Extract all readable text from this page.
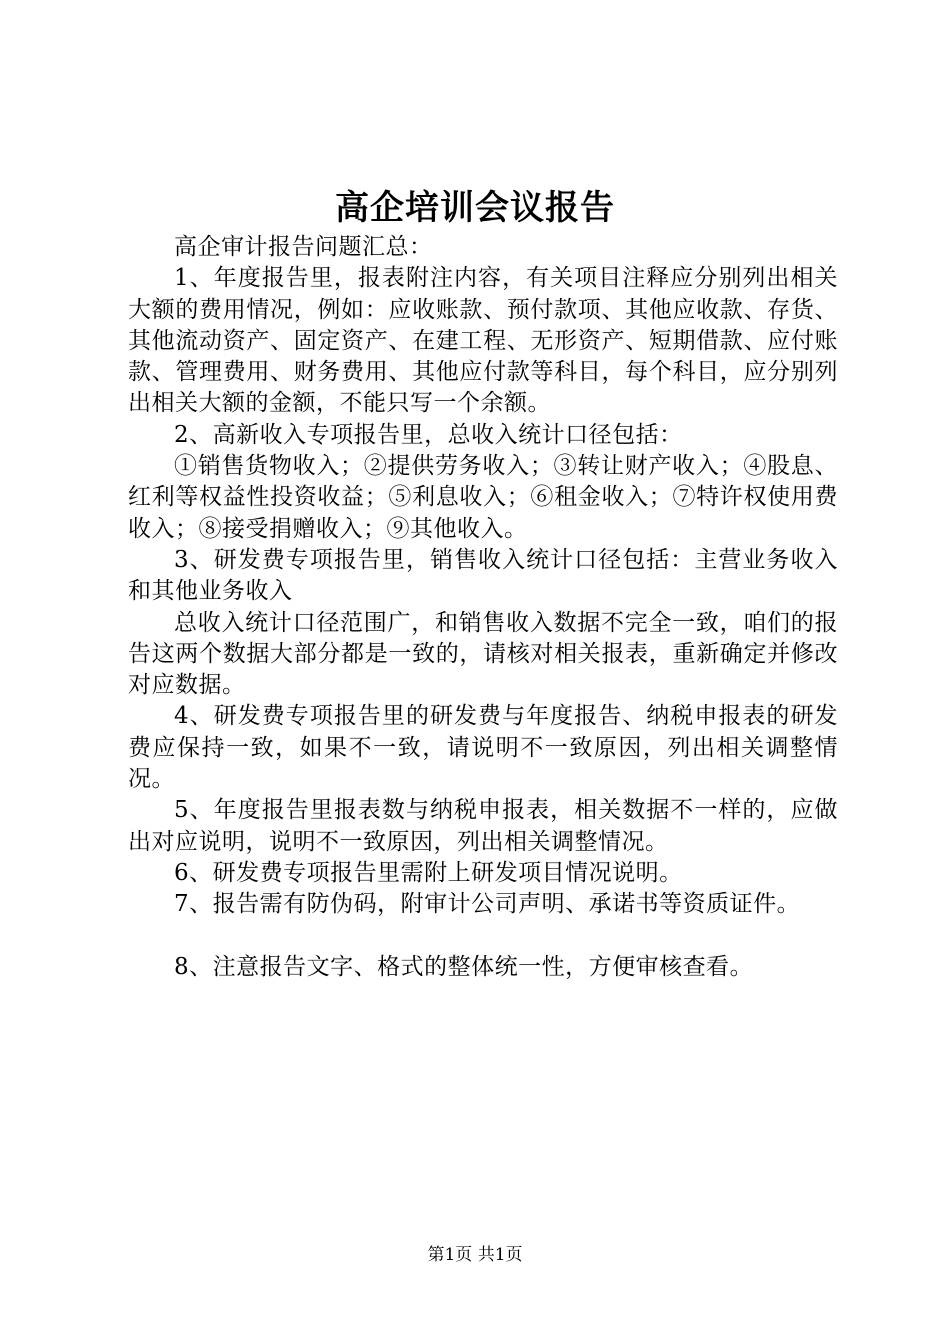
高企培训会议报告

高企审计报告问题汇总：

1、年度报告里，报表附注内容，有关项目注释应分别列出相关大额的费用情况，例如：应收账款、预付款项、其他应收款、存货、其他流动资产、固定资产、在建工程、无形资产、短期借款、应付账款、管理费用、财务费用、其他应付款等科目，每个科目，应分别列出相关大额的金额，不能只写一个余额。

2、高新收入专项报告里，总收入统计口径包括：

①销售货物收入；②提供劳务收入；③转让财产收入；④股息、红利等权益性投资收益；⑤利息收入；⑥租金收入；⑦特许权使用费收入；⑧接受捐赠收入；⑨其他收入。

3、研发费专项报告里，销售收入统计口径包括：主营业务收入和其他业务收入

总收入统计口径范围广，和销售收入数据不完全一致，咱们的报告这两个数据大部分都是一致的，请核对相关报表，重新确定并修改对应数据。

4、研发费专项报告里的研发费与年度报告、纳税申报表的研发费应保持一致，如果不一致，请说明不一致原因，列出相关调整情况。

5、年度报告里报表数与纳税申报表，相关数据不一样的，应做出对应说明，说明不一致原因，列出相关调整情况。

6、研发费专项报告里需附上研发项目情况说明。

7、报告需有防伪码，附审计公司声明、承诺书等资质证件。

8、注意报告文字、格式的整体统一性，方便审核查看。

第1页 共1页
